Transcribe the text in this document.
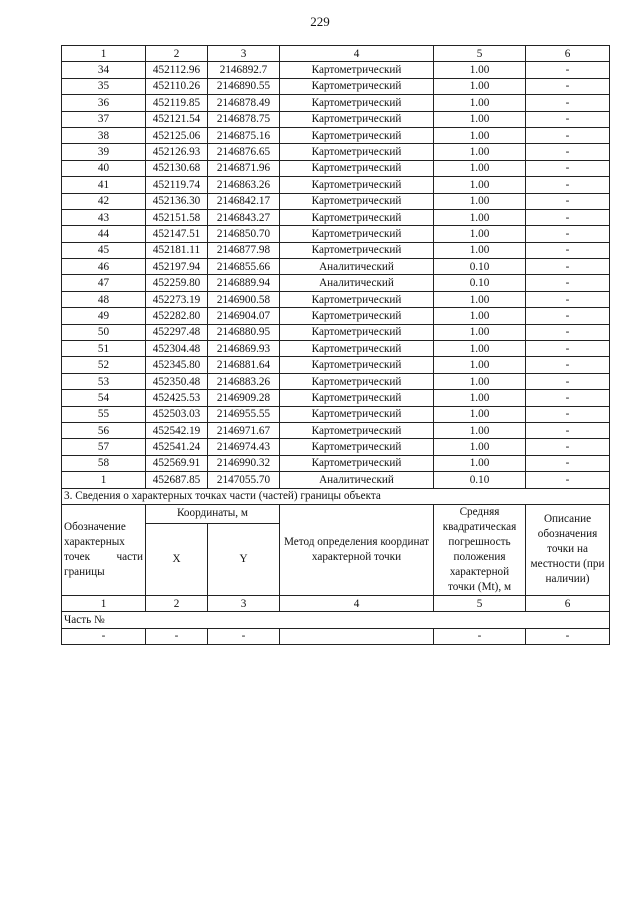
229
1	2	3	4	5	6
34	452112.96	2146892.7	Картометрический	1.00	-
35	452110.26	2146890.55	Картометрический	1.00	-
36	452119.85	2146878.49	Картометрический	1.00	-
37	452121.54	2146878.75	Картометрический	1.00	-
38	452125.06	2146875.16	Картометрический	1.00	-
39	452126.93	2146876.65	Картометрический	1.00	-
40	452130.68	2146871.96	Картометрический	1.00	-
41	452119.74	2146863.26	Картометрический	1.00	-
42	452136.30	2146842.17	Картометрический	1.00	-
43	452151.58	2146843.27	Картометрический	1.00	-
44	452147.51	2146850.70	Картометрический	1.00	-
45	452181.11	2146877.98	Картометрический	1.00	-
46	452197.94	2146855.66	Аналитический	0.10	-
47	452259.80	2146889.94	Аналитический	0.10	-
48	452273.19	2146900.58	Картометрический	1.00	-
49	452282.80	2146904.07	Картометрический	1.00	-
50	452297.48	2146880.95	Картометрический	1.00	-
51	452304.48	2146869.93	Картометрический	1.00	-
52	452345.80	2146881.64	Картометрический	1.00	-
53	452350.48	2146883.26	Картометрический	1.00	-
54	452425.53	2146909.28	Картометрический	1.00	-
55	452503.03	2146955.55	Картометрический	1.00	-
56	452542.19	2146971.67	Картометрический	1.00	-
57	452541.24	2146974.43	Картометрический	1.00	-
58	452569.91	2146990.32	Картометрический	1.00	-
1	452687.85	2147055.70	Аналитический	0.10	-
3. Сведения о характерных точках части (частей) границы объекта					
Обозначение характерных точек части границы	Координаты, м		Метод определения координат характерной точки	Средняя квадратическая погрешность положения характерной точки (Mt), м	Описание обозначения точки на местности (при наличии)
	X	Y			
1	2	3	4	5	6
Часть №					
-	-	-		-	-
